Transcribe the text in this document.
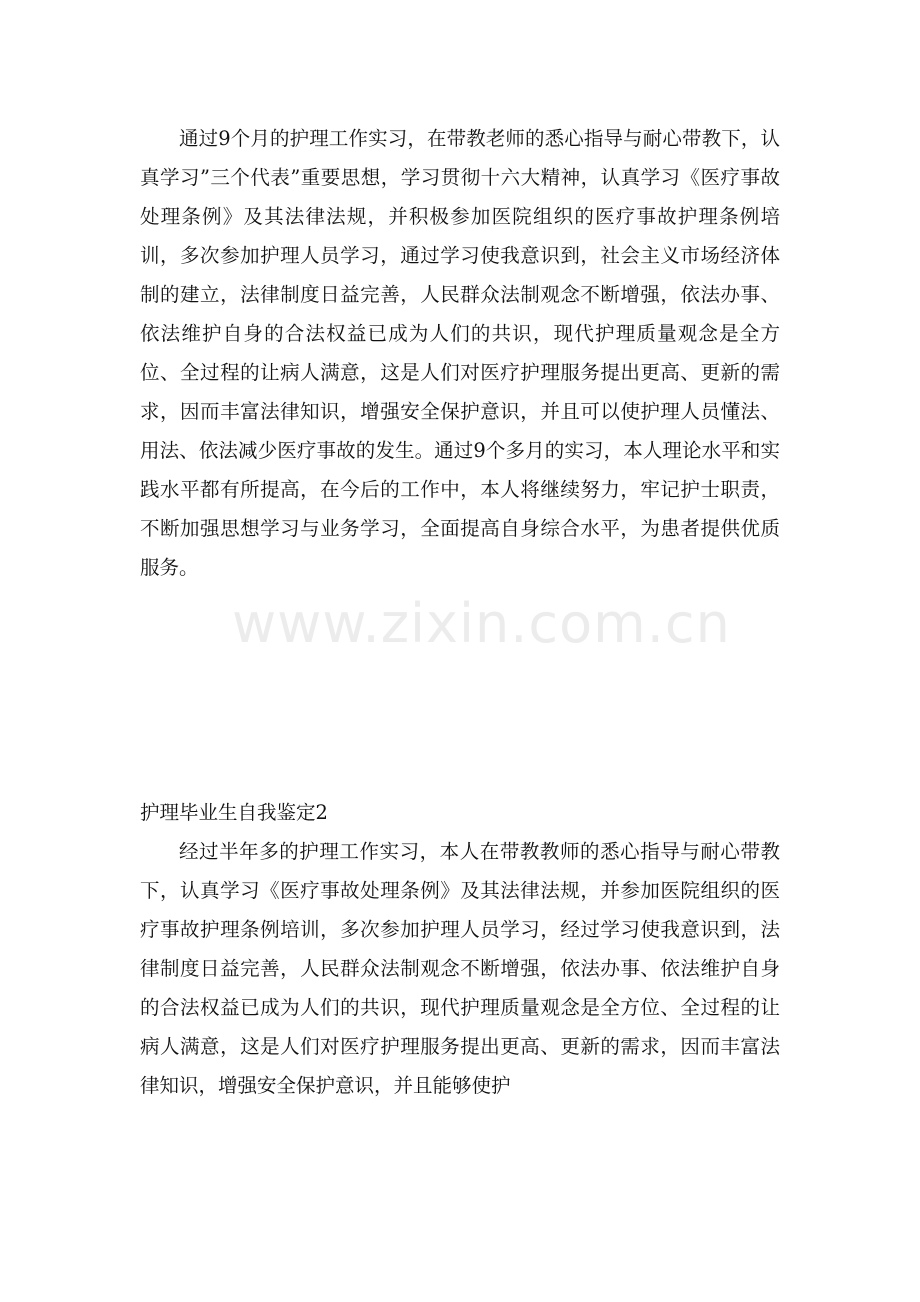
通过9个月的护理工作实习，在带教老师的悉心指导与耐心带教下，认真学习”三个代表”重要思想，学习贯彻十六大精神，认真学习《医疗事故处理条例》及其法律法规，并积极参加医院组织的医疗事故护理条例培训，多次参加护理人员学习，通过学习使我意识到，社会主义市场经济体制的建立，法律制度日益完善，人民群众法制观念不断增强，依法办事、依法维护自身的合法权益已成为人们的共识，现代护理质量观念是全方位、全过程的让病人满意，这是人们对医疗护理服务提出更高、更新的需求，因而丰富法律知识，增强安全保护意识，并且可以使护理人员懂法、用法、依法减少医疗事故的发生。通过9个多月的实习，本人理论水平和实践水平都有所提高，在今后的工作中，本人将继续努力，牢记护士职责，不断加强思想学习与业务学习，全面提高自身综合水平，为患者提供优质服务。

护理毕业生自我鉴定2

经过半年多的护理工作实习，本人在带教教师的悉心指导与耐心带教下，认真学习《医疗事故处理条例》及其法律法规，并参加医院组织的医疗事故护理条例培训，多次参加护理人员学习，经过学习使我意识到，法律制度日益完善，人民群众法制观念不断增强，依法办事、依法维护自身的合法权益已成为人们的共识，现代护理质量观念是全方位、全过程的让病人满意，这是人们对医疗护理服务提出更高、更新的需求，因而丰富法律知识，增强安全保护意识，并且能够使护

www.zixin.com.cn
